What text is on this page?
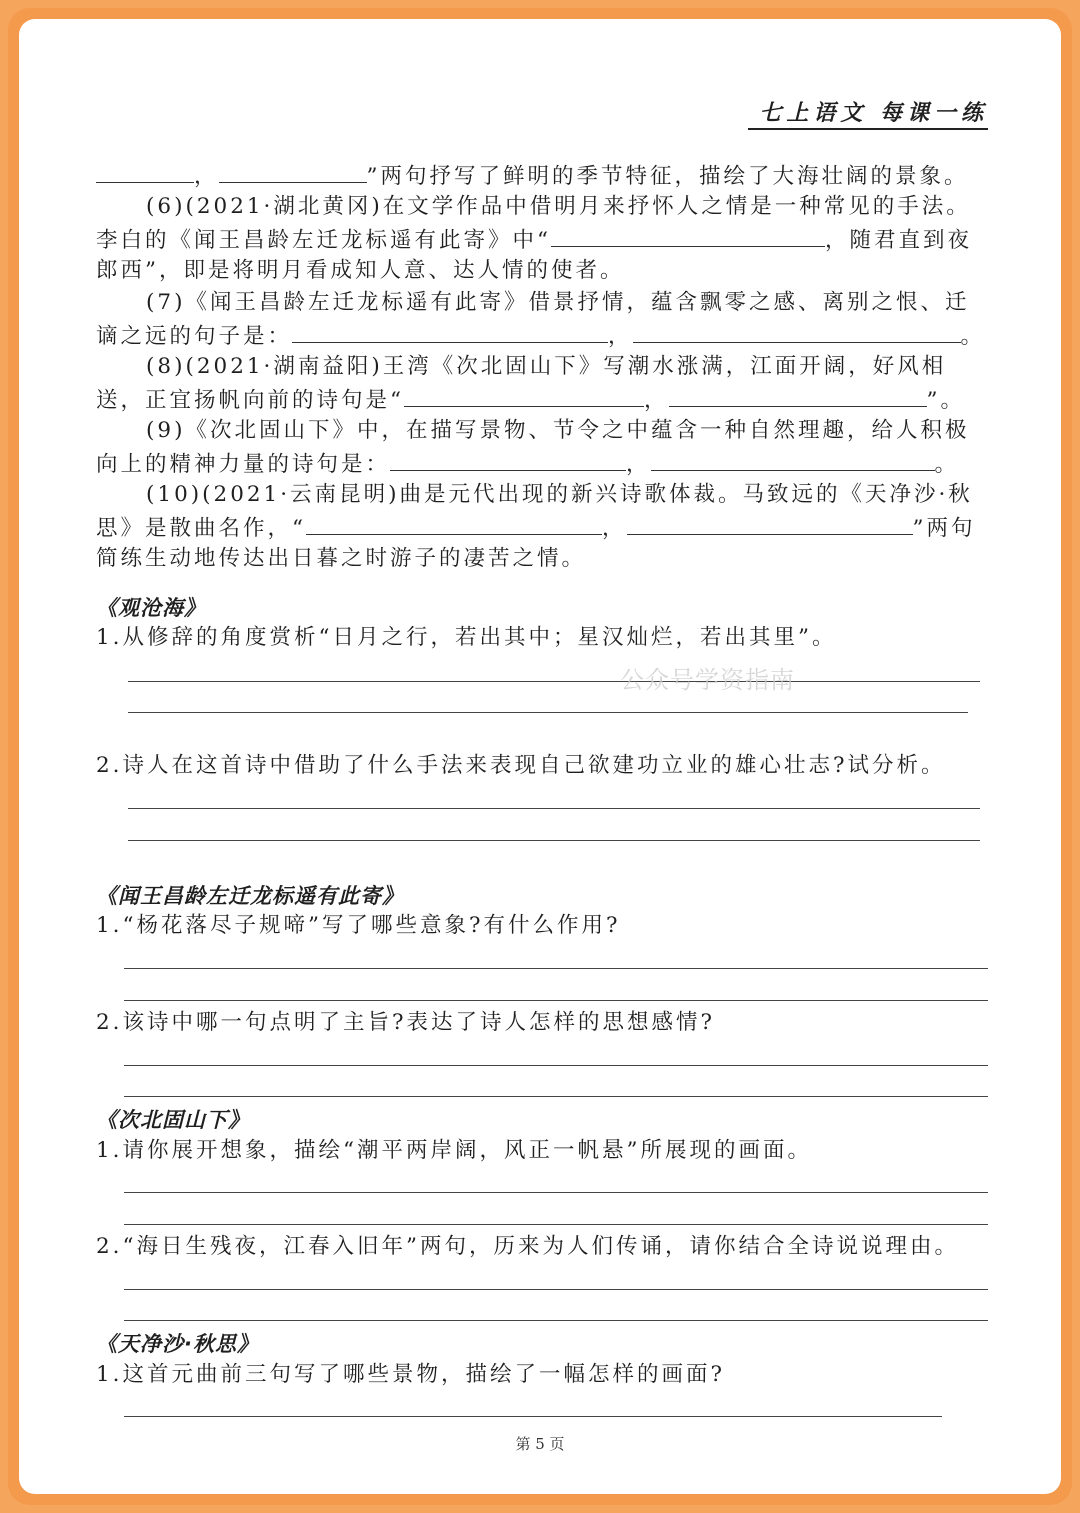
七上语文 每课一练
，	”两句抒写了鲜明的季节特征，描绘了大海壮阔的景象。
(6)(2021·湖北黄冈)在文学作品中借明月来抒怀人之情是一种常见的手法。
李白的《闻王昌龄左迁龙标遥有此寄》中“	，随君直到夜
郎西”，即是将明月看成知人意、达人情的使者。
(7)《闻王昌龄左迁龙标遥有此寄》借景抒情，蕴含飘零之感、离别之恨、迁
谪之远的句子是：	，	。
(8)(2021·湖南益阳)王湾《次北固山下》写潮水涨满，江面开阔，好风相
送，正宜扬帆向前的诗句是“	，	”。
(9)《次北固山下》中，在描写景物、节令之中蕴含一种自然理趣，给人积极
向上的精神力量的诗句是：	，	。
(10)(2021·云南昆明)曲是元代出现的新兴诗歌体裁。马致远的《天净沙·秋
思》是散曲名作，“	，	”两句
简练生动地传达出日暮之时游子的凄苦之情。
《观沧海》
1.从修辞的角度赏析“日月之行，若出其中；星汉灿烂，若出其里”。
2.诗人在这首诗中借助了什么手法来表现自己欲建功立业的雄心壮志?试分析。
《闻王昌龄左迁龙标遥有此寄》
1.“杨花落尽子规啼”写了哪些意象?有什么作用?
2.该诗中哪一句点明了主旨?表达了诗人怎样的思想感情?
《次北固山下》
1.请你展开想象，描绘“潮平两岸阔，风正一帆悬”所展现的画面。
2.“海日生残夜，江春入旧年”两句，历来为人们传诵，请你结合全诗说说理由。
《天净沙·秋思》
1.这首元曲前三句写了哪些景物，描绘了一幅怎样的画面?
公众号学资指南
第 5 页
